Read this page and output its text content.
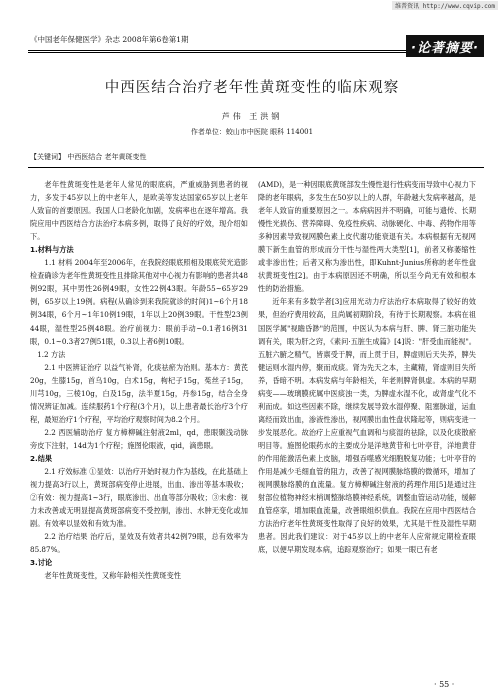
维普资讯 http://www.cqvip.com
《中国老年保健医学》杂志 2008年第6卷第1期
·论著摘要·
中西医结合治疗老年性黄斑变性的临床观察
芦伟 王洪钢
作者单位：蛟山市中医院 眼科 114001
【关键词】 中西医结合 老年黄斑变性

老年性黄斑变性是老年人常见的眼底病，严重威胁到患者的视力，多发于45岁以上的中老年人，是欧美等发达国家65岁以上老年人致盲的首要原因。我国人口老龄化加剧，发病率也在逐年增高。我院应用中西医结合方法治疗本病多例，取得了良好的疗效，现介绍如下。

1.材料与方法

1.1 材料 2004年至2006年，在我院经眼底照相及眼底荧光造影检查确诊为老年性黄斑变性且排除其他对中心视力有影响的患者共48例92眼，其中男性26例49眼，女性22例43眼。年龄55~65岁29例，65岁以上19例。病程(从确诊到来我院就诊的时间)1~6个月18例34眼，6个月~1年10例19眼，1年以上20例39眼。干性型23例44眼，湿性型25例48眼。治疗前视力：眼前手动~0.1者16例31眼，0.1~0.3者27例51眼，0.3以上者6例10眼。

1.2 方法

2.1 中医辨证治疗 以益气补肾，化痰祛瘀为治则。基本方：黄芪20g，生膝15g，首乌10g，白术15g，枸杞子15g，菟丝子15g，川芎10g，三棱10g，白及15g，法半夏15g，丹参15g，结合全身情况辨证加减。连续服药1个疗程(3个月)，以上患者最长治疗3个疗程，最短治疗1个疗程，平均治疗观察时间为8.2个月。

2.2 西医辅助治疗 复方樟柳碱注射液2ml，qd，患眼颞浅动脉旁皮下注射，14d为1个疗程；施图伦眼液，qid，滴患眼。

2.结果

2.1 疗效标准 ①显效：以治疗开始时视力作为基线，在此基础上视力提高3行以上，黄斑部病变停止进展，出血、渗出等基本吸收；②有效：视力提高1~3行，眼底渗出、出血等部分吸收；③未愈：视力未改善或无明显提高黄斑部病变不受控制，渗出、水肿无变化或加剧。有效率以显效和有效为准。

2.2 治疗结果 治疗后，显效及有效者共42例79眼，总有效率为85.87%。

3.讨论

老年性黄斑变性，又称年龄相关性黄斑变性

(AMD)，是一种因眼底黄斑部发生慢性退行性病变而导致中心视力下降的老年眼病，多发生在50岁以上的人群，年龄越大发病率越高，是老年人致盲的重要原因之一。本病病因并不明确，可能与遗传、长期慢性光损伤、营养障碍、免疫性疾病、动脉硬化、中毒、药物作用等多种因素导致视网膜色素上皮代谢功能衰退有关。本病根据有无视网膜下新生血管的形成而分干性与湿性两大类型[1]，前者又称萎缩性或非渗出性；后者又称为渗出性，即Kuhnt-Junius所称的老年性盘状黄斑变性[2]。由于本病原因还不明确，所以至今尚无有效和根本性的防治措施。

近年来有多数学者[3]应用光动力疗法治疗本病取得了较好的效果，但治疗费用较高，且尚属初期阶段，有待于长期观察。本病在祖国医学属"视瞻昏渺"的范围，中医认为本病与肝、脾、肾三脏功能失调有关，眼为肝之窍，《素问·五脏生成篇》[4]说："肝受血而能视"。五脏六腑之精气，皆禀受于脾，而上贯于目，脾虚则后天失养，脾失健运则水湿内停，聚而成痰。肾为先天之本，主藏精，肾虚则目失所养，昏暗不明。本病发病与年龄相关，年老则脾肾俱虚。本病的早期病变——玻璃膜疣属中医痰浊一类，为脾虚水湿不化，或肾虚气化不利而成。如这些因素不除，继续发展导致水湿停聚、阻塞脉道，运血离经而致出血，渗液性渗出，视网膜出血性盘状隆起等，则病变进一步发展恶化。故治疗上应重视气血调和与痰湿的祛除，以及化痰散瘀明目等。施图伦眼药水的主要成分是洋地黄苷和七叶亭苷，洋地黄苷的作用能激活色素上皮脑，增强吞噬感光细胞脱复功能；七叶亭苷的作用是减少毛细血管的阻力，改善了视网膜脉络膜的微循环，增加了视网膜脉络膜的血流量。复方樟柳碱注射液的药理作用[5]是通过注射部位植物神经末梢调整脉络膜神经系统，调整血管运动功能，缓解血管痉挛，增加眼血流量，改善眼组织供血。我院在应用中西医结合方法治疗老年性黄斑变性取得了良好的效果，尤其是干性及湿性早期患者。因此我们建议：对于45岁以上的中老年人应常规定期检查眼底，以便早期发现本病，追踪观察治疗；如果一眼已有老

· 55 ·
